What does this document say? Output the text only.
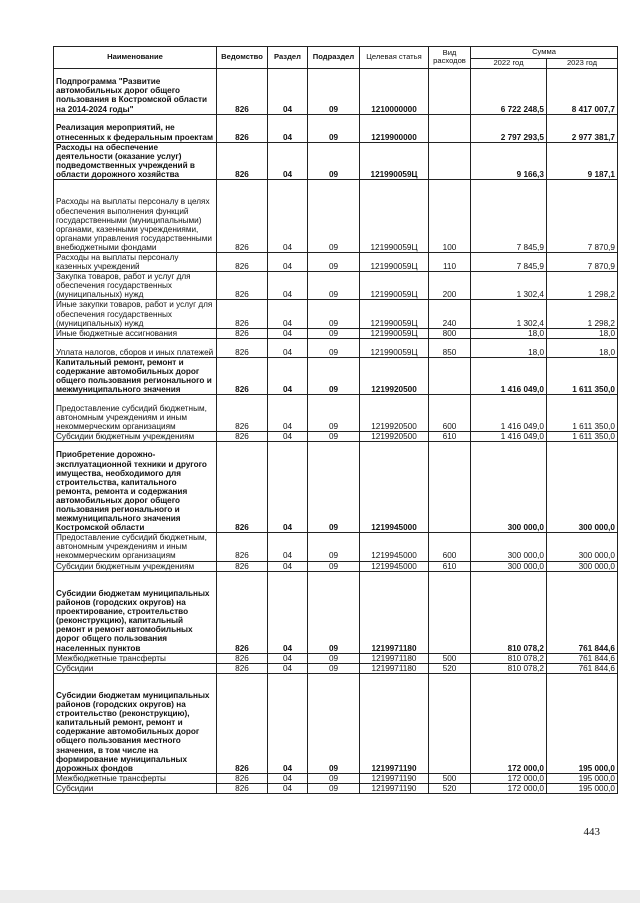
Наименование	Ведомство	Раздел	Подраздел	Целевая статья	Вид расходов	Сумма	
						2022 год	2023 год
Подпрограмма "Развитие автомобильных дорог общего пользования в Костромской области на 2014-2024 годы"	826	04	09	1210000000		6 722 248,5	8 417 007,7
Реализация мероприятий, не отнесенных к федеральным проектам	826	04	09	1219900000		2 797 293,5	2 977 381,7
Расходы на обеспечение деятельности (оказание услуг) подведомственных учреждений в области дорожного хозяйства	826	04	09	121990059Ц		9 166,3	9 187,1
Расходы на выплаты персоналу в целях обеспечения выполнения функций государственными (муниципальными) органами, казенными учреждениями, органами управления государственными внебюджетными фондами	826	04	09	121990059Ц	100	7 845,9	7 870,9
Расходы на выплаты персоналу казенных учреждений	826	04	09	121990059Ц	110	7 845,9	7 870,9
Закупка товаров, работ и услуг для обеспечения государственных (муниципальных) нужд	826	04	09	121990059Ц	200	1 302,4	1 298,2
Иные закупки товаров, работ и услуг для обеспечения государственных (муниципальных) нужд	826	04	09	121990059Ц	240	1 302,4	1 298,2
Иные бюджетные ассигнования	826	04	09	121990059Ц	800	18,0	18,0
Уплата налогов, сборов и иных платежей	826	04	09	121990059Ц	850	18,0	18,0
Капитальный ремонт, ремонт и содержание автомобильных дорог общего пользования регионального и межмуниципального значения	826	04	09	1219920500		1 416 049,0	1 611 350,0
Предоставление субсидий бюджетным, автономным учреждениям и иным некоммерческим организациям	826	04	09	1219920500	600	1 416 049,0	1 611 350,0
Субсидии бюджетным учреждениям	826	04	09	1219920500	610	1 416 049,0	1 611 350,0
Приобретение дорожно-эксплуатационной техники и другого имущества, необходимого для строительства, капитального ремонта, ремонта и содержания автомобильных дорог общего пользования регионального и межмуниципального значения Костромской области	826	04	09	1219945000		300 000,0	300 000,0
Предоставление субсидий бюджетным, автономным учреждениям и иным некоммерческим организациям	826	04	09	1219945000	600	300 000,0	300 000,0
Субсидии бюджетным учреждениям	826	04	09	1219945000	610	300 000,0	300 000,0
Субсидии бюджетам муниципальных районов (городских округов) на проектирование, строительство (реконструкцию), капитальный ремонт и ремонт автомобильных дорог общего пользования населенных пунктов	826	04	09	1219971180		810 078,2	761 844,6
Межбюджетные трансферты	826	04	09	1219971180	500	810 078,2	761 844,6
Субсидии	826	04	09	1219971180	520	810 078,2	761 844,6
Субсидии бюджетам муниципальных районов (городских округов) на строительство (реконструкцию), капитальный ремонт, ремонт и содержание автомобильных дорог общего пользования местного значения, в том числе на формирование муниципальных дорожных фондов	826	04	09	1219971190		172 000,0	195 000,0
Межбюджетные трансферты	826	04	09	1219971190	500	172 000,0	195 000,0
Субсидии	826	04	09	1219971190	520	172 000,0	195 000,0
443
